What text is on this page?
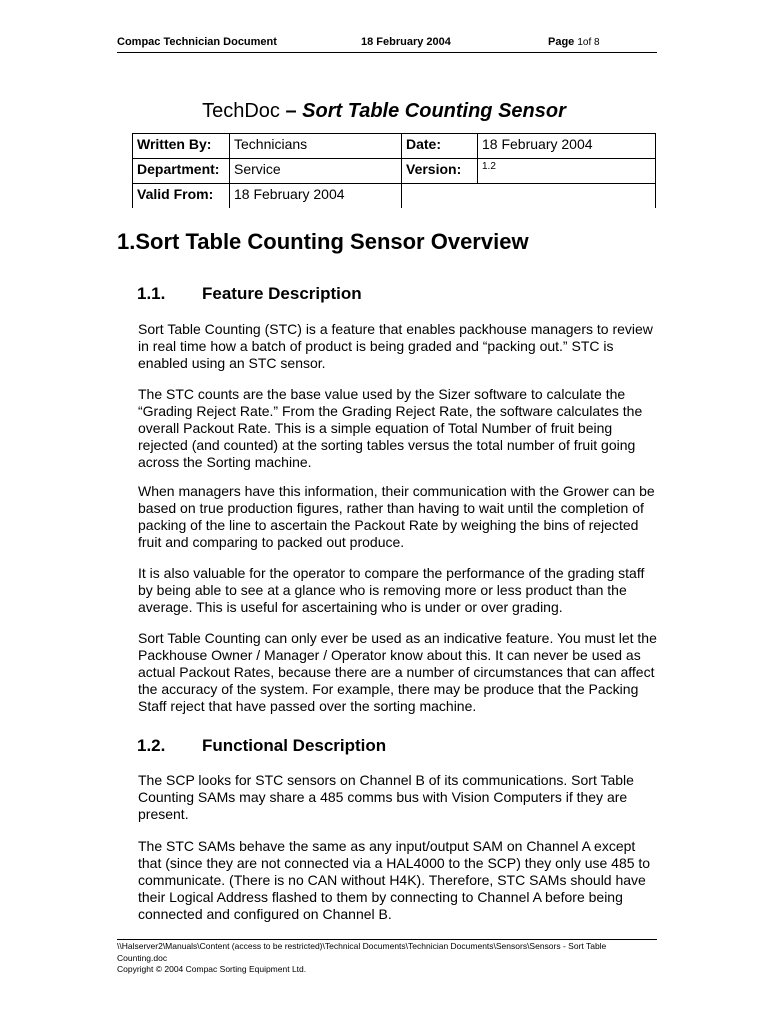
Compac Technician Document	18 February 2004	Page 1of 8
TechDoc – Sort Table Counting Sensor
Written By:	Technicians	Date:	18 February 2004
Department:	Service	Version:	1.2
Valid From:	18 February 2004		
1.Sort Table Counting Sensor Overview
1.1. Feature Description
Sort Table Counting (STC) is a feature that enables packhouse managers to review in real time how a batch of product is being graded and “packing out.” STC is enabled using an STC sensor.
The STC counts are the base value used by the Sizer software to calculate the “Grading Reject Rate.” From the Grading Reject Rate, the software calculates the overall Packout Rate. This is a simple equation of Total Number of fruit being rejected (and counted) at the sorting tables versus the total number of fruit going across the Sorting machine.
When managers have this information, their communication with the Grower can be based on true production figures, rather than having to wait until the completion of packing of the line to ascertain the Packout Rate by weighing the bins of rejected fruit and comparing to packed out produce.
It is also valuable for the operator to compare the performance of the grading staff by being able to see at a glance who is removing more or less product than the average. This is useful for ascertaining who is under or over grading.
Sort Table Counting can only ever be used as an indicative feature. You must let the Packhouse Owner / Manager / Operator know about this. It can never be used as actual Packout Rates, because there are a number of circumstances that can affect the accuracy of the system. For example, there may be produce that the Packing Staff reject that have passed over the sorting machine.
1.2. Functional Description
The SCP looks for STC sensors on Channel B of its communications. Sort Table Counting SAMs may share a 485 comms bus with Vision Computers if they are present.
The STC SAMs behave the same as any input/output SAM on Channel A except that (since they are not connected via a HAL4000 to the SCP) they only use 485 to communicate. (There is no CAN without H4K). Therefore, STC SAMs should have their Logical Address flashed to them by connecting to Channel A before being connected and configured on Channel B.
\\Halserver2\Manuals\Content (access to be restricted)\Technical Documents\Technician Documents\Sensors\Sensors - Sort Table Counting.doc
Copyright © 2004 Compac Sorting Equipment Ltd.
